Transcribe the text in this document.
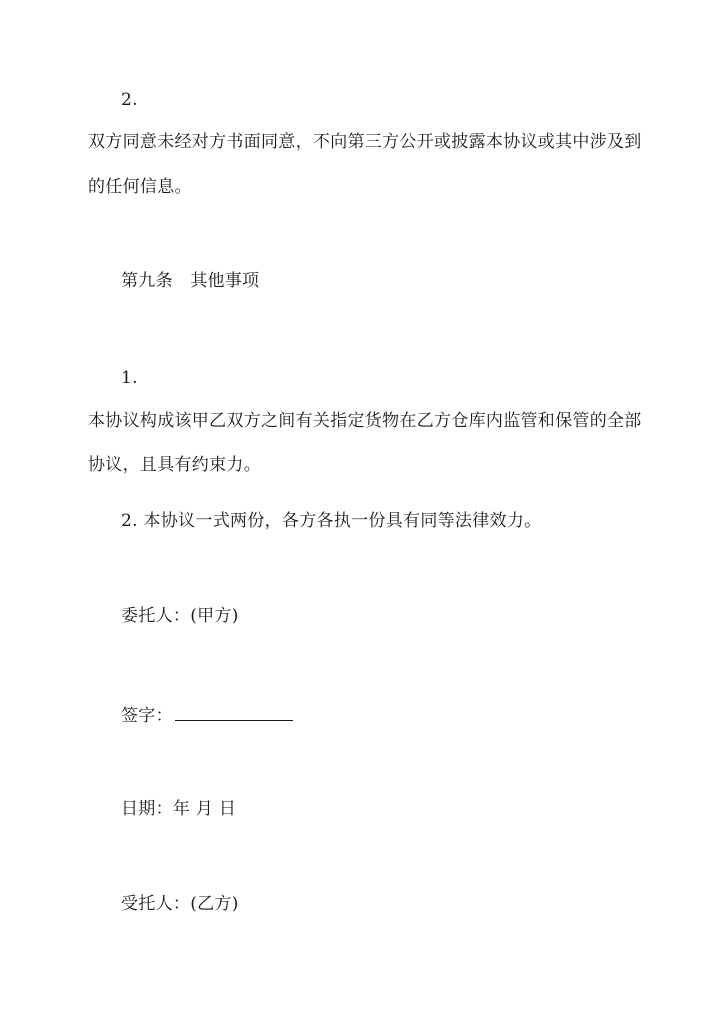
2.
双方同意未经对方书面同意，不向第三方公开或披露本协议或其中涉及到
的任何信息。
第九条　其他事项
1.
本协议构成该甲乙双方之间有关指定货物在乙方仓库内监管和保管的全部
协议，且具有约束力。
2. 本协议一式两份，各方各执一份具有同等法律效力。
委托人：(甲方)
签字：
日期：年 月 日
受托人：(乙方)
